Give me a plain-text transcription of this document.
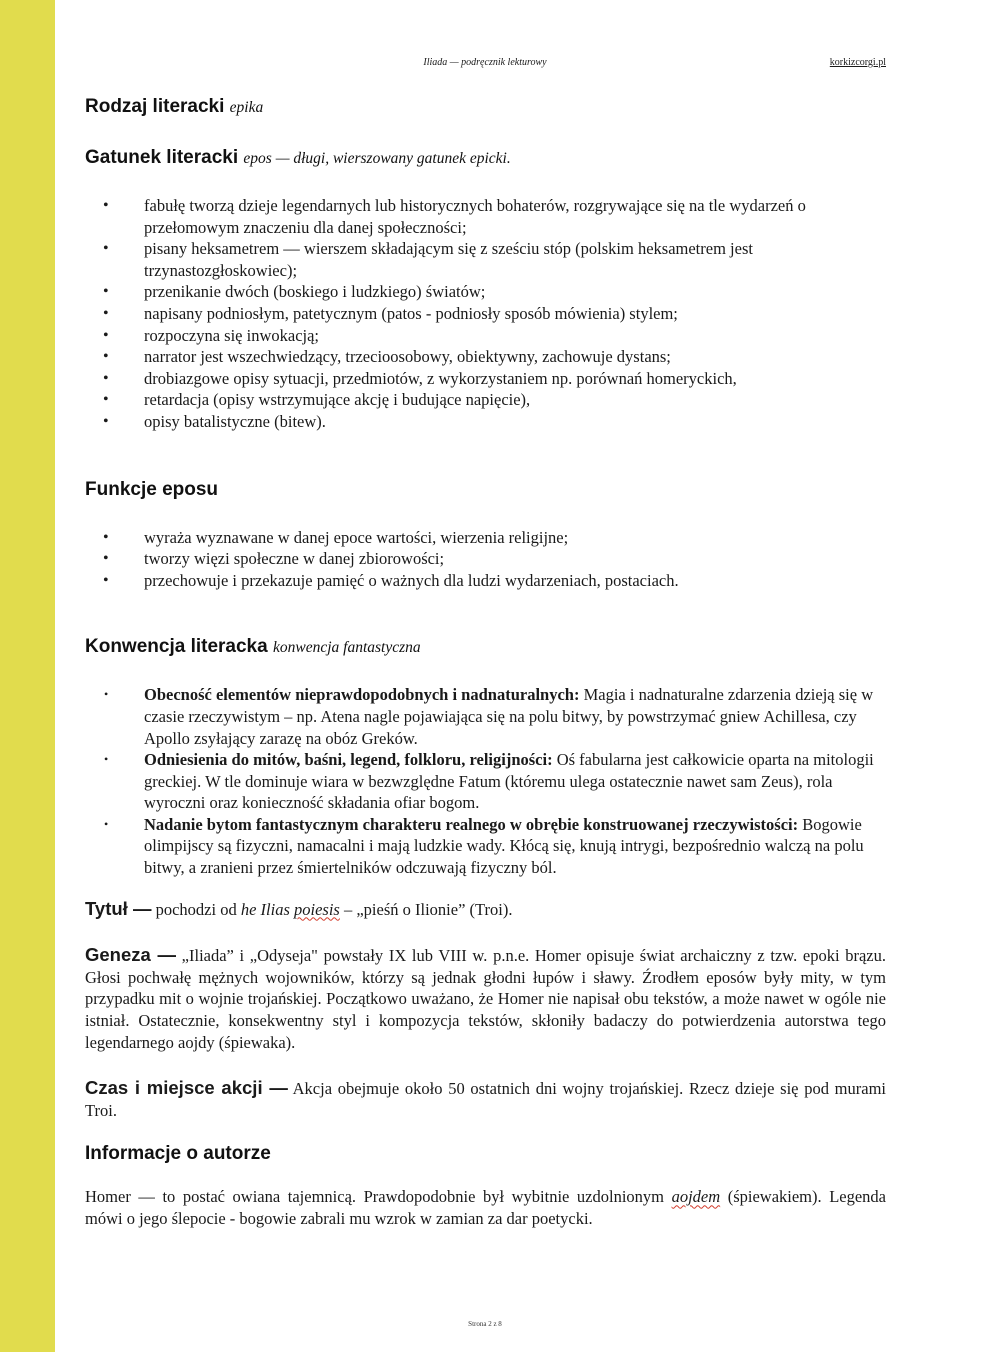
Iliada — podręcznik lekturowy	korkizcorgi.pl
Rodzaj literacki epika
Gatunek literacki epos — długi, wierszowany gatunek epicki.
• fabułę tworzą dzieje legendarnych lub historycznych bohaterów, rozgrywające się na tle wydarzeń o przełomowym znaczeniu dla danej społeczności;
• pisany heksametrem — wierszem składającym się z sześciu stóp (polskim heksametrem jest trzynastozgłoskowiec);
• przenikanie dwóch (boskiego i ludzkiego) światów;
• napisany podniosłym, patetycznym (patos - podniosły sposób mówienia) stylem;
• rozpoczyna się inwokacją;
• narrator jest wszechwiedzący, trzecioosobowy, obiektywny, zachowuje dystans;
• drobiazgowe opisy sytuacji, przedmiotów, z wykorzystaniem np. porównań homeryckich,
• retardacja (opisy wstrzymujące akcję i budujące napięcie),
• opisy batalistyczne (bitew).
Funkcje eposu
• wyraża wyznawane w danej epoce wartości, wierzenia religijne;
• tworzy więzi społeczne w danej zbiorowości;
• przechowuje i przekazuje pamięć o ważnych dla ludzi wydarzeniach, postaciach.
Konwencja literacka konwencja fantastyczna
• Obecność elementów nieprawdopodobnych i nadnaturalnych: Magia i nadnaturalne zdarzenia dzieją się w czasie rzeczywistym – np. Atena nagle pojawiająca się na polu bitwy, by powstrzymać gniew Achillesa, czy Apollo zsyłający zarazę na obóz Greków.
• Odniesienia do mitów, baśni, legend, folkloru, religijności: Oś fabularna jest całkowicie oparta na mitologii greckiej. W tle dominuje wiara w bezwzględne Fatum (któremu ulega ostatecznie nawet sam Zeus), rola wyroczni oraz konieczność składania ofiar bogom.
• Nadanie bytom fantastycznym charakteru realnego w obrębie konstruowanej rzeczywistości: Bogowie olimpijscy są fizyczni, namacalni i mają ludzkie wady. Kłócą się, knują intrygi, bezpośrednio walczą na polu bitwy, a zranieni przez śmiertelników odczuwają fizyczny ból.

Tytuł — pochodzi od he Ilias poiesis – „pieśń o Ilionie” (Troi).

Geneza — „Iliada” i „Odyseja" powstały IX lub VIII w. p.n.e. Homer opisuje świat archaiczny z tzw. epoki brązu. Głosi pochwałę mężnych wojowników, którzy są jednak głodni łupów i sławy. Źrodłem eposów były mity, w tym przypadku mit o wojnie trojańskiej. Początkowo uważano, że Homer nie napisał obu tekstów, a może nawet w ogóle nie istniał. Ostatecznie, konsekwentny styl i kompozycja tekstów, skłoniły badaczy do potwierdzenia autorstwa tego legendarnego aojdy (śpiewaka).

Czas i miejsce akcji — Akcja obejmuje około 50 ostatnich dni wojny trojańskiej. Rzecz dzieje się pod murami Troi.

Informacje o autorze

Homer — to postać owiana tajemnicą. Prawdopodobnie był wybitnie uzdolnionym aojdem (śpiewakiem). Legenda mówi o jego ślepocie - bogowie zabrali mu wzrok w zamian za dar poetycki.

Strona 2 z 8
